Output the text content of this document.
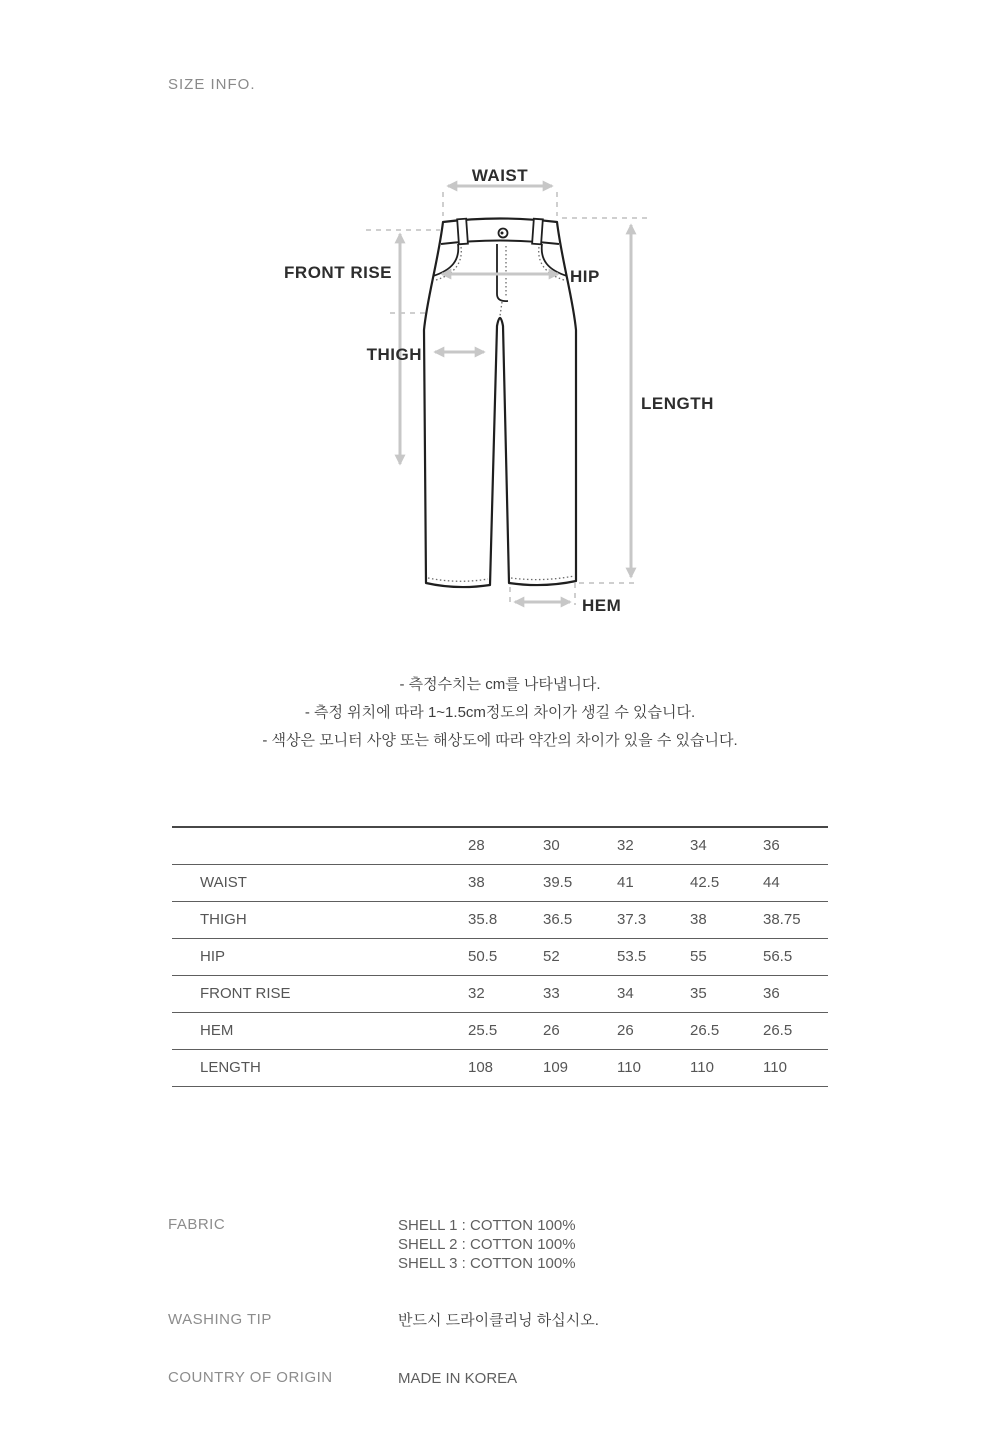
SIZE INFO.
WAIST
FRONT RISE	HIP
THIGH
LENGTH
HEM
- 측정수치는 cm를 나타냅니다.
- 측정 위치에 따라 1~1.5cm정도의 차이가 생길 수 있습니다.
- 색상은 모니터 사양 또는 해상도에 따라 약간의 차이가 있을 수 있습니다.
	28	30	32	34	36
WAIST	38	39.5	41	42.5	44
THIGH	35.8	36.5	37.3	38	38.75
HIP	50.5	52	53.5	55	56.5
FRONT RISE	32	33	34	35	36
HEM	25.5	26	26	26.5	26.5
LENGTH	108	109	110	110	110
FABRIC	SHELL 1 : COTTON 100%
SHELL 2 : COTTON 100%
SHELL 3 : COTTON 100%
WASHING TIP	반드시 드라이클리닝 하십시오.
COUNTRY OF ORIGIN	MADE IN KOREA
